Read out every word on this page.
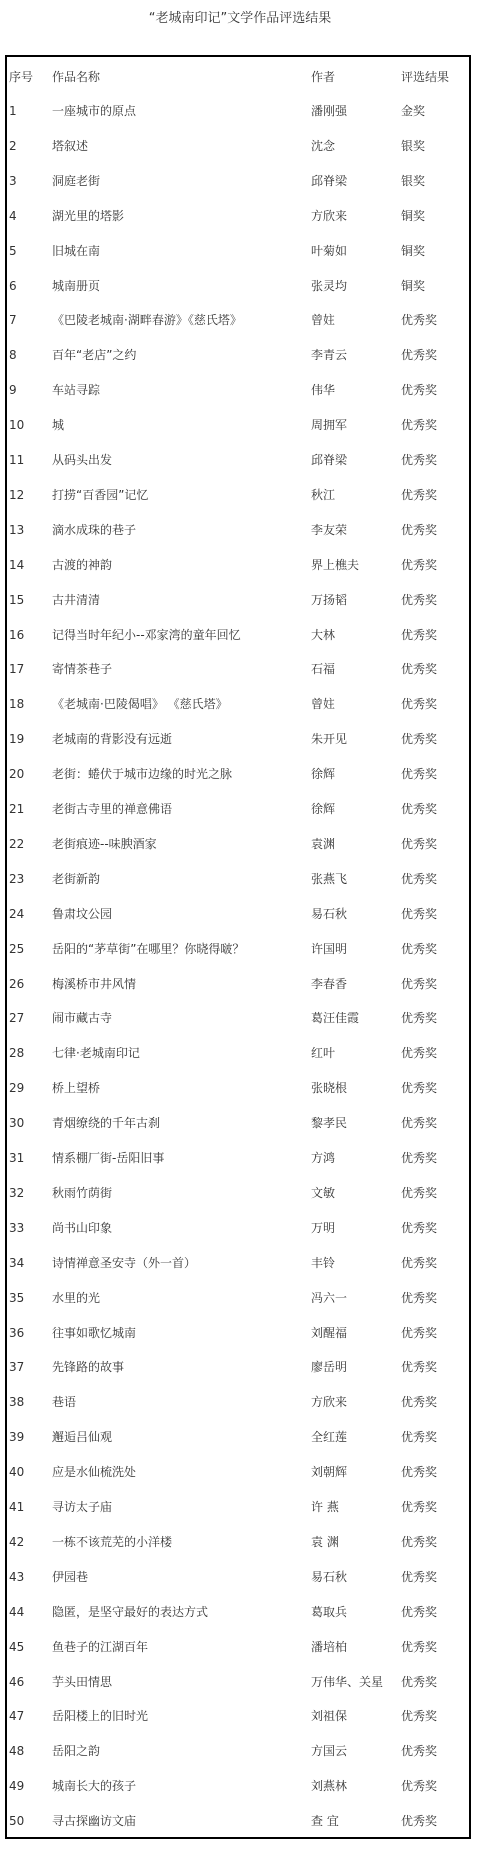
“老城南印记”文学作品评选结果
序号	作品名称	作者	评选结果
1	一座城市的原点	潘刚强	金奖
2	塔叙述	沈念	银奖
3	洞庭老街	邱脊梁	银奖
4	湖光里的塔影	方欣来	铜奖
5	旧城在南	叶菊如	铜奖
6	城南册页	张灵均	铜奖
7	《巴陵老城南·湖畔春游》《慈氏塔》	曾妵	优秀奖
8	百年“老店”之约	李青云	优秀奖
9	车站寻踪	伟华	优秀奖
10	城	周拥军	优秀奖
11	从码头出发	邱脊梁	优秀奖
12	打捞“百香园”记忆	秋江	优秀奖
13	滴水成珠的巷子	李友荣	优秀奖
14	古渡的神韵	界上樵夫	优秀奖
15	古井清清	万扬韬	优秀奖
16	记得当时年纪小--邓家湾的童年回忆	大林	优秀奖
17	寄情茶巷子	石福	优秀奖
18	《老城南·巴陵偈唱》 《慈氏塔》	曾妵	优秀奖
19	老城南的背影没有远逝	朱开见	优秀奖
20	老街：蜷伏于城市边缘的时光之脉	徐辉	优秀奖
21	老街古寺里的禅意佛语	徐辉	优秀奖
22	老街痕迹--味腴酒家	袁渊	优秀奖
23	老街新韵	张燕飞	优秀奖
24	鲁肃坟公园	易石秋	优秀奖
25	岳阳的“茅草街”在哪里？你晓得啵？	许国明	优秀奖
26	梅溪桥市井风情	李春香	优秀奖
27	闹市藏古寺	葛汪佳霞	优秀奖
28	七律·老城南印记	红叶	优秀奖
29	桥上望桥	张晓根	优秀奖
30	青烟缭绕的千年古刹	黎孝民	优秀奖
31	情系棚厂街-岳阳旧事	方鸿	优秀奖
32	秋雨竹荫街	文敏	优秀奖
33	尚书山印象	万明	优秀奖
34	诗情禅意圣安寺（外一首）	丰铃	优秀奖
35	水里的光	冯六一	优秀奖
36	往事如歌忆城南	刘醒福	优秀奖
37	先锋路的故事	廖岳明	优秀奖
38	巷语	方欣来	优秀奖
39	邂逅吕仙观	全红莲	优秀奖
40	应是水仙梳洗处	刘朝辉	优秀奖
41	寻访太子庙	许 燕	优秀奖
42	一栋不该荒芜的小洋楼	袁 渊	优秀奖
43	伊园巷	易石秋	优秀奖
44	隐匿，是坚守最好的表达方式	葛取兵	优秀奖
45	鱼巷子的江湖百年	潘培柏	优秀奖
46	芋头田情思	万伟华、关星	优秀奖
47	岳阳楼上的旧时光	刘祖保	优秀奖
48	岳阳之韵	方国云	优秀奖
49	城南长大的孩子	刘燕林	优秀奖
50	寻古探幽访文庙	查 宜	优秀奖
